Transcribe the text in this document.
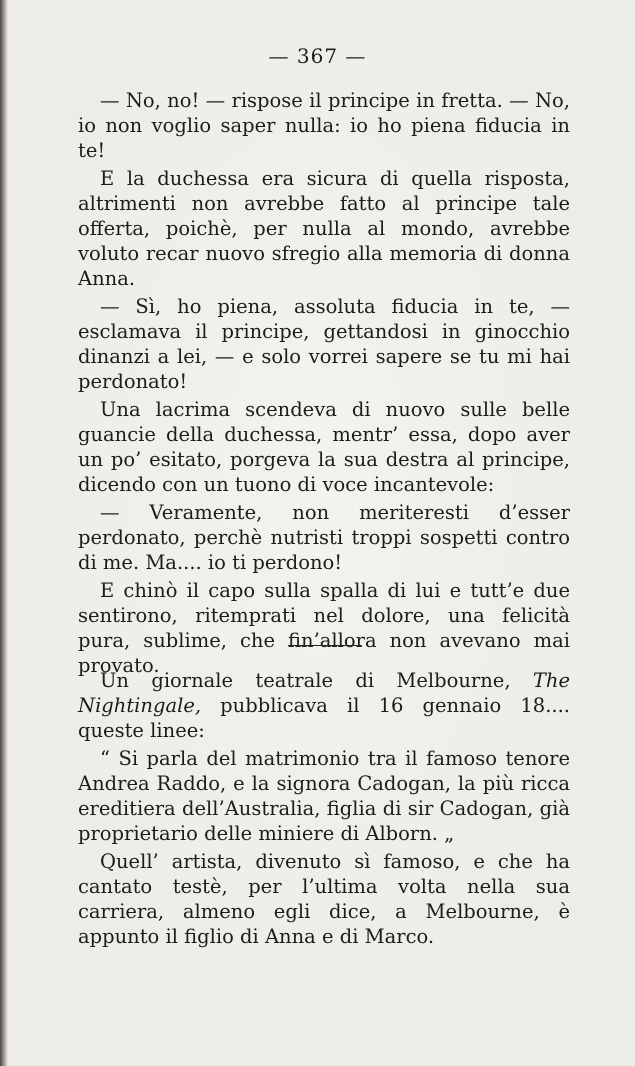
— 367 —

— No, no! — rispose il principe in fretta. — No, io non voglio saper nulla: io ho piena fiducia in te!

E la duchessa era sicura di quella risposta, altrimenti non avrebbe fatto al principe tale offerta, poichè, per nulla al mondo, avrebbe voluto recar nuovo sfregio alla memoria di donna Anna.

— Sì, ho piena, assoluta fiducia in te, — esclamava il principe, gettandosi in ginocchio dinanzi a lei, — e solo vorrei sapere se tu mi hai perdonato!

Una lacrima scendeva di nuovo sulle belle guancie della duchessa, mentr’ essa, dopo aver un po’ esitato, porgeva la sua destra al principe, dicendo con un tuono di voce incantevole:

— Veramente, non meriteresti d’esser perdonato, perchè nutristi troppi sospetti contro di me. Ma.... io ti perdono!

E chinò il capo sulla spalla di lui e tutt’e due sentirono, ritemprati nel dolore, una felicità pura, sublime, che fin’allora non avevano mai provato.

Un giornale teatrale di Melbourne, The Nightingale, pubblicava il 16 gennaio 18.... queste linee:

“ Si parla del matrimonio tra il famoso tenore Andrea Raddo, e la signora Cadogan, la più ricca ereditiera dell’Australia, figlia di sir Cadogan, già proprietario delle miniere di Alborn. „

Quell’ artista, divenuto sì famoso, e che ha cantato testè, per l’ultima volta nella sua carriera, almeno egli dice, a Melbourne, è appunto il figlio di Anna e di Marco.
